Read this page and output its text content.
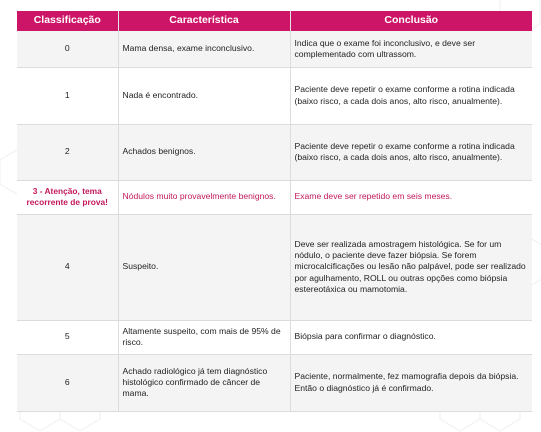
Classificação	Característica	Conclusão
0	Mama densa, exame inconclusivo.	Indica que o exame foi inconclusivo, e deve ser complementado com ultrassom.
1	Nada é encontrado.	Paciente deve repetir o exame conforme a rotina indicada (baixo risco, a cada dois anos, alto risco, anualmente).
2	Achados benignos.	Paciente deve repetir o exame conforme a rotina indicada (baixo risco, a cada dois anos, alto risco, anualmente).
3 - Atenção, tema recorrente de prova!	Nódulos muito provavelmente benignos.	Exame deve ser repetido em seis meses.
4	Suspeito.	Deve ser realizada amostragem histológica. Se for um nódulo, o paciente deve fazer biópsia. Se forem microcalcificações ou lesão não palpável, pode ser realizado por agulhamento, ROLL ou outras opções como biópsia estereotáxica ou mamotomia.
5	Altamente suspeito, com mais de 95% de risco.	Biópsia para confirmar o diagnóstico.
6	Achado radiológico já tem diagnóstico histológico confirmado de câncer de mama.	Paciente, normalmente, fez mamografia depois da biópsia. Então o diagnóstico já é confirmado.
